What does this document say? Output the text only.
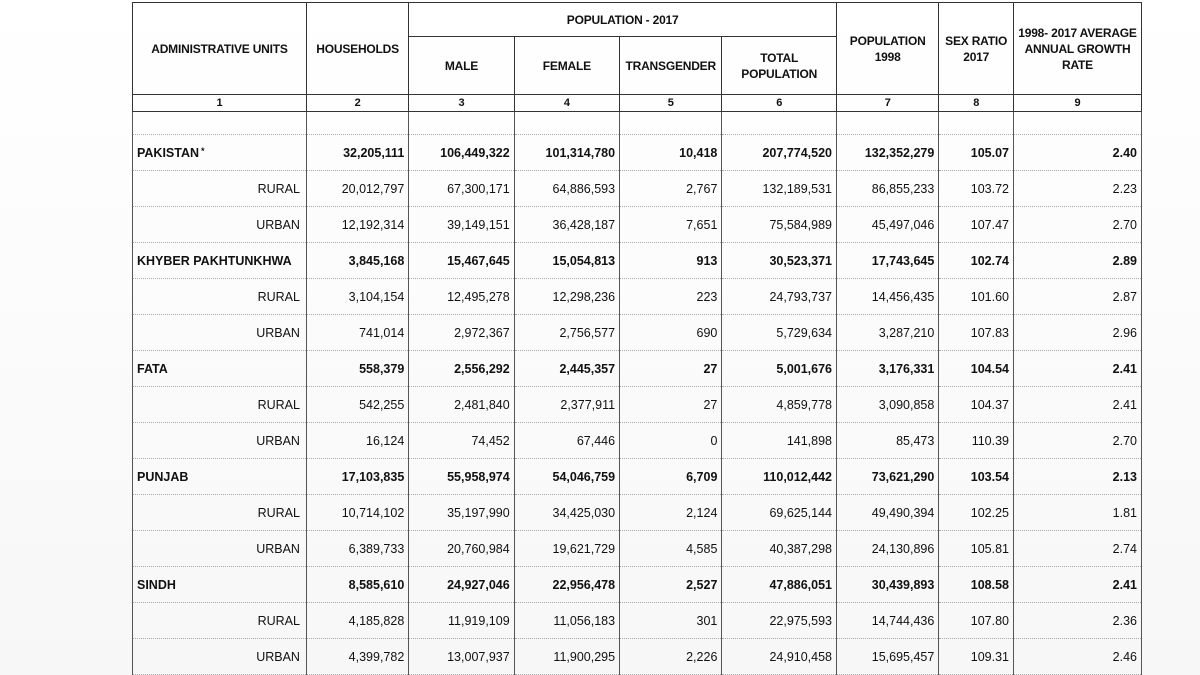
ADMINISTRATIVE UNITS	HOUSEHOLDS	POPULATION - 2017				POPULATION 1998	SEX RATIO 2017	1998- 2017 AVERAGE ANNUAL GROWTH RATE
		MALE	FEMALE	TRANSGENDER	TOTAL POPULATION			
1	2	3	4	5	6	7	8	9

PAKISTAN *	32,205,111	106,449,322	101,314,780	10,418	207,774,520	132,352,279	105.07	2.40
RURAL	20,012,797	67,300,171	64,886,593	2,767	132,189,531	86,855,233	103.72	2.23
URBAN	12,192,314	39,149,151	36,428,187	7,651	75,584,989	45,497,046	107.47	2.70
KHYBER PAKHTUNKHWA	3,845,168	15,467,645	15,054,813	913	30,523,371	17,743,645	102.74	2.89
RURAL	3,104,154	12,495,278	12,298,236	223	24,793,737	14,456,435	101.60	2.87
URBAN	741,014	2,972,367	2,756,577	690	5,729,634	3,287,210	107.83	2.96
FATA	558,379	2,556,292	2,445,357	27	5,001,676	3,176,331	104.54	2.41
RURAL	542,255	2,481,840	2,377,911	27	4,859,778	3,090,858	104.37	2.41
URBAN	16,124	74,452	67,446	0	141,898	85,473	110.39	2.70
PUNJAB	17,103,835	55,958,974	54,046,759	6,709	110,012,442	73,621,290	103.54	2.13
RURAL	10,714,102	35,197,990	34,425,030	2,124	69,625,144	49,490,394	102.25	1.81
URBAN	6,389,733	20,760,984	19,621,729	4,585	40,387,298	24,130,896	105.81	2.74
SINDH	8,585,610	24,927,046	22,956,478	2,527	47,886,051	30,439,893	108.58	2.41
RURAL	4,185,828	11,919,109	11,056,183	301	22,975,593	14,744,436	107.80	2.36
URBAN	4,399,782	13,007,937	11,900,295	2,226	24,910,458	15,695,457	109.31	2.46
